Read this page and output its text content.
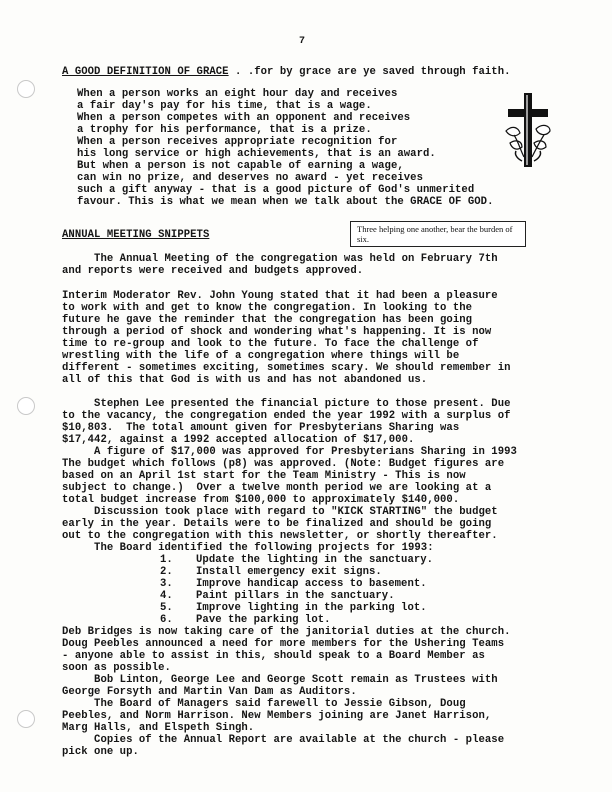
7
A GOOD DEFINITION OF GRACE . .for by grace are ye saved through faith.
When a person works an eight hour day and receives
a fair day's pay for his time, that is a wage.
When a person competes with an opponent and receives
a trophy for his performance, that is a prize.
When a person receives appropriate recognition for
his long service or high achievements, that is an award.
But when a person is not capable of earning a wage,
can win no prize, and deserves no award - yet receives
such a gift anyway - that is a good picture of God's unmerited
favour. This is what we mean when we talk about the GRACE OF GOD.
ANNUAL MEETING SNIPPETS	Three helping one another, bear the burden of six.
The Annual Meeting of the congregation was held on February 7th
and reports were received and budgets approved.
Interim Moderator Rev. John Young stated that it had been a pleasure
to work with and get to know the congregation. In looking to the
future he gave the reminder that the congregation has been going
through a period of shock and wondering what's happening. It is now
time to re-group and look to the future. To face the challenge of
wrestling with the life of a congregation where things will be
different - sometimes exciting, sometimes scary. We should remember in
all of this that God is with us and has not abandoned us.
Stephen Lee presented the financial picture to those present. Due
to the vacancy, the congregation ended the year 1992 with a surplus of
$10,803.  The total amount given for Presbyterians Sharing was
$17,442, against a 1992 accepted allocation of $17,000.
A figure of $17,000 was approved for Presbyterians Sharing in 1993
The budget which follows (p8) was approved. (Note: Budget figures are
based on an April 1st start for the Team Ministry - This is now
subject to change.)  Over a twelve month period we are looking at a
total budget increase from $100,000 to approximately $140,000.
Discussion took place with regard to "KICK STARTING" the budget
early in the year. Details were to be finalized and should be going
out to the congregation with this newsletter, or shortly thereafter.
The Board identified the following projects for 1993:
1. Update the lighting in the sanctuary.
2. Install emergency exit signs.
3. Improve handicap access to basement.
4. Paint pillars in the sanctuary.
5. Improve lighting in the parking lot.
6. Pave the parking lot.
Deb Bridges is now taking care of the janitorial duties at the church.
Doug Peebles announced a need for more members for the Ushering Teams
- anyone able to assist in this, should speak to a Board Member as
soon as possible.
Bob Linton, George Lee and George Scott remain as Trustees with
George Forsyth and Martin Van Dam as Auditors.
The Board of Managers said farewell to Jessie Gibson, Doug
Peebles, and Norm Harrison. New Members joining are Janet Harrison,
Marg Halls, and Elspeth Singh.
Copies of the Annual Report are available at the church - please
pick one up.
